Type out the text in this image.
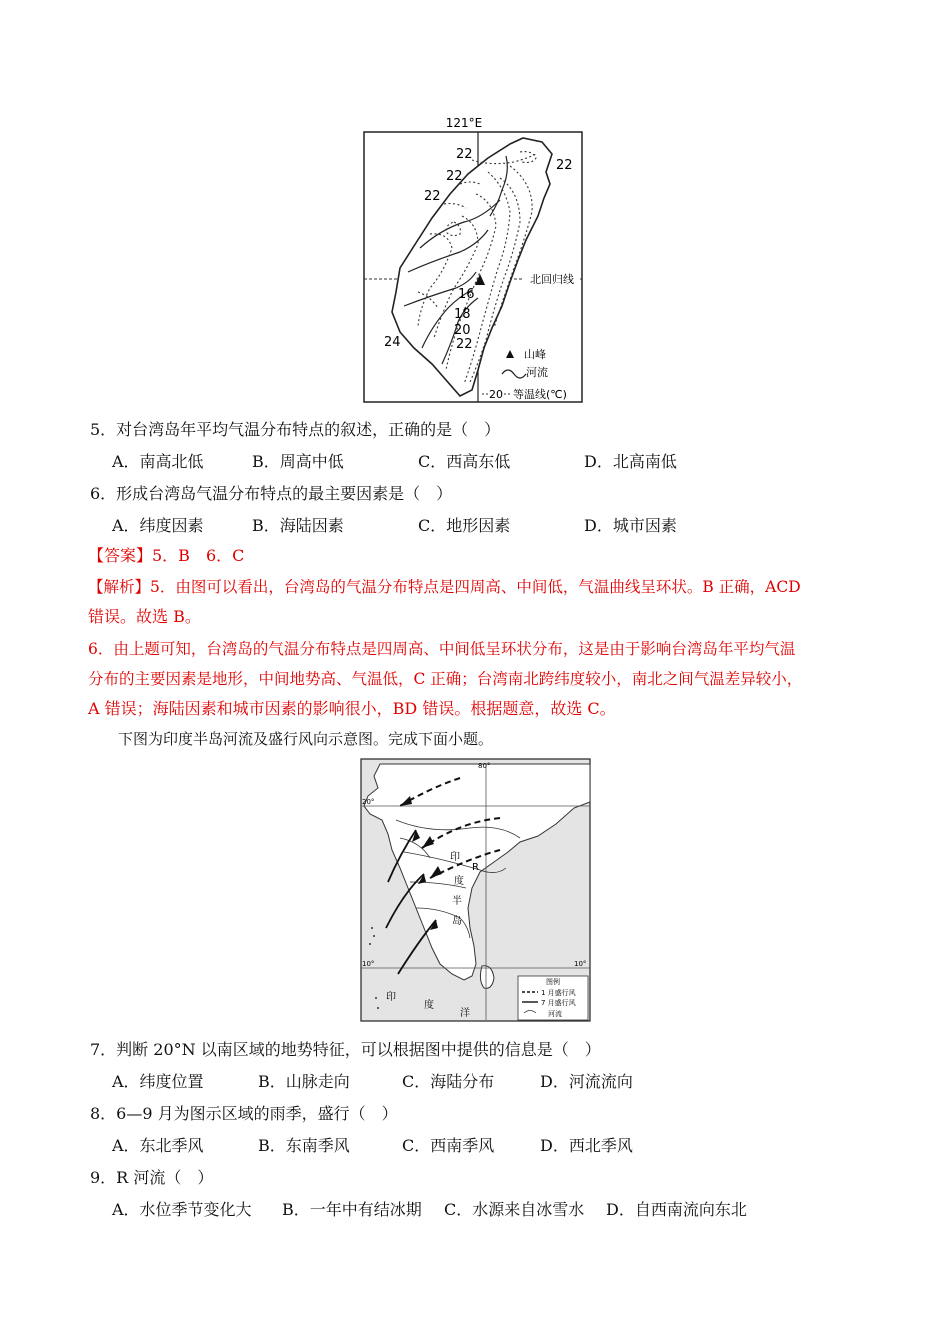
121°E
北回归线
22
22
22
22
16
18
20
22
24
山峰
河流
20 等温线(℃)
5．对台湾岛年平均气温分布特点的叙述，正确的是（　）
A．南高北低	B．周高中低	C．西高东低	D．北高南低
6．形成台湾岛气温分布特点的最主要因素是（　）
A．纬度因素	B．海陆因素	C．地形因素	D．城市因素
【答案】5．B　6．C
【解析】5．由图可以看出，台湾岛的气温分布特点是四周高、中间低，气温曲线呈环状。B 正确，ACD
错误。故选 B。
6．由上题可知，台湾岛的气温分布特点是四周高、中间低呈环状分布，这是由于影响台湾岛年平均气温
分布的主要因素是地形，中间地势高、气温低，C 正确；台湾南北跨纬度较小，南北之间气温差异较小，
A 错误；海陆因素和城市因素的影响很小，BD 错误。根据题意，故选 C。
下图为印度半岛河流及盛行风向示意图。完成下面小题。
80°
20°
10°	10°
印
R
度
半
岛
印
度
洋
图例
1 月盛行风
7 月盛行风
河流
7．判断 20°N 以南区域的地势特征，可以根据图中提供的信息是（　）
A．纬度位置	B．山脉走向	C．海陆分布	D．河流流向
8．6—9 月为图示区域的雨季，盛行（　）
A．东北季风	B．东南季风	C．西南季风	D．西北季风
9．R 河流（　）
A．水位季节变化大 B．一年中有结冰期 C．水源来自冰雪水 D．自西南流向东北
